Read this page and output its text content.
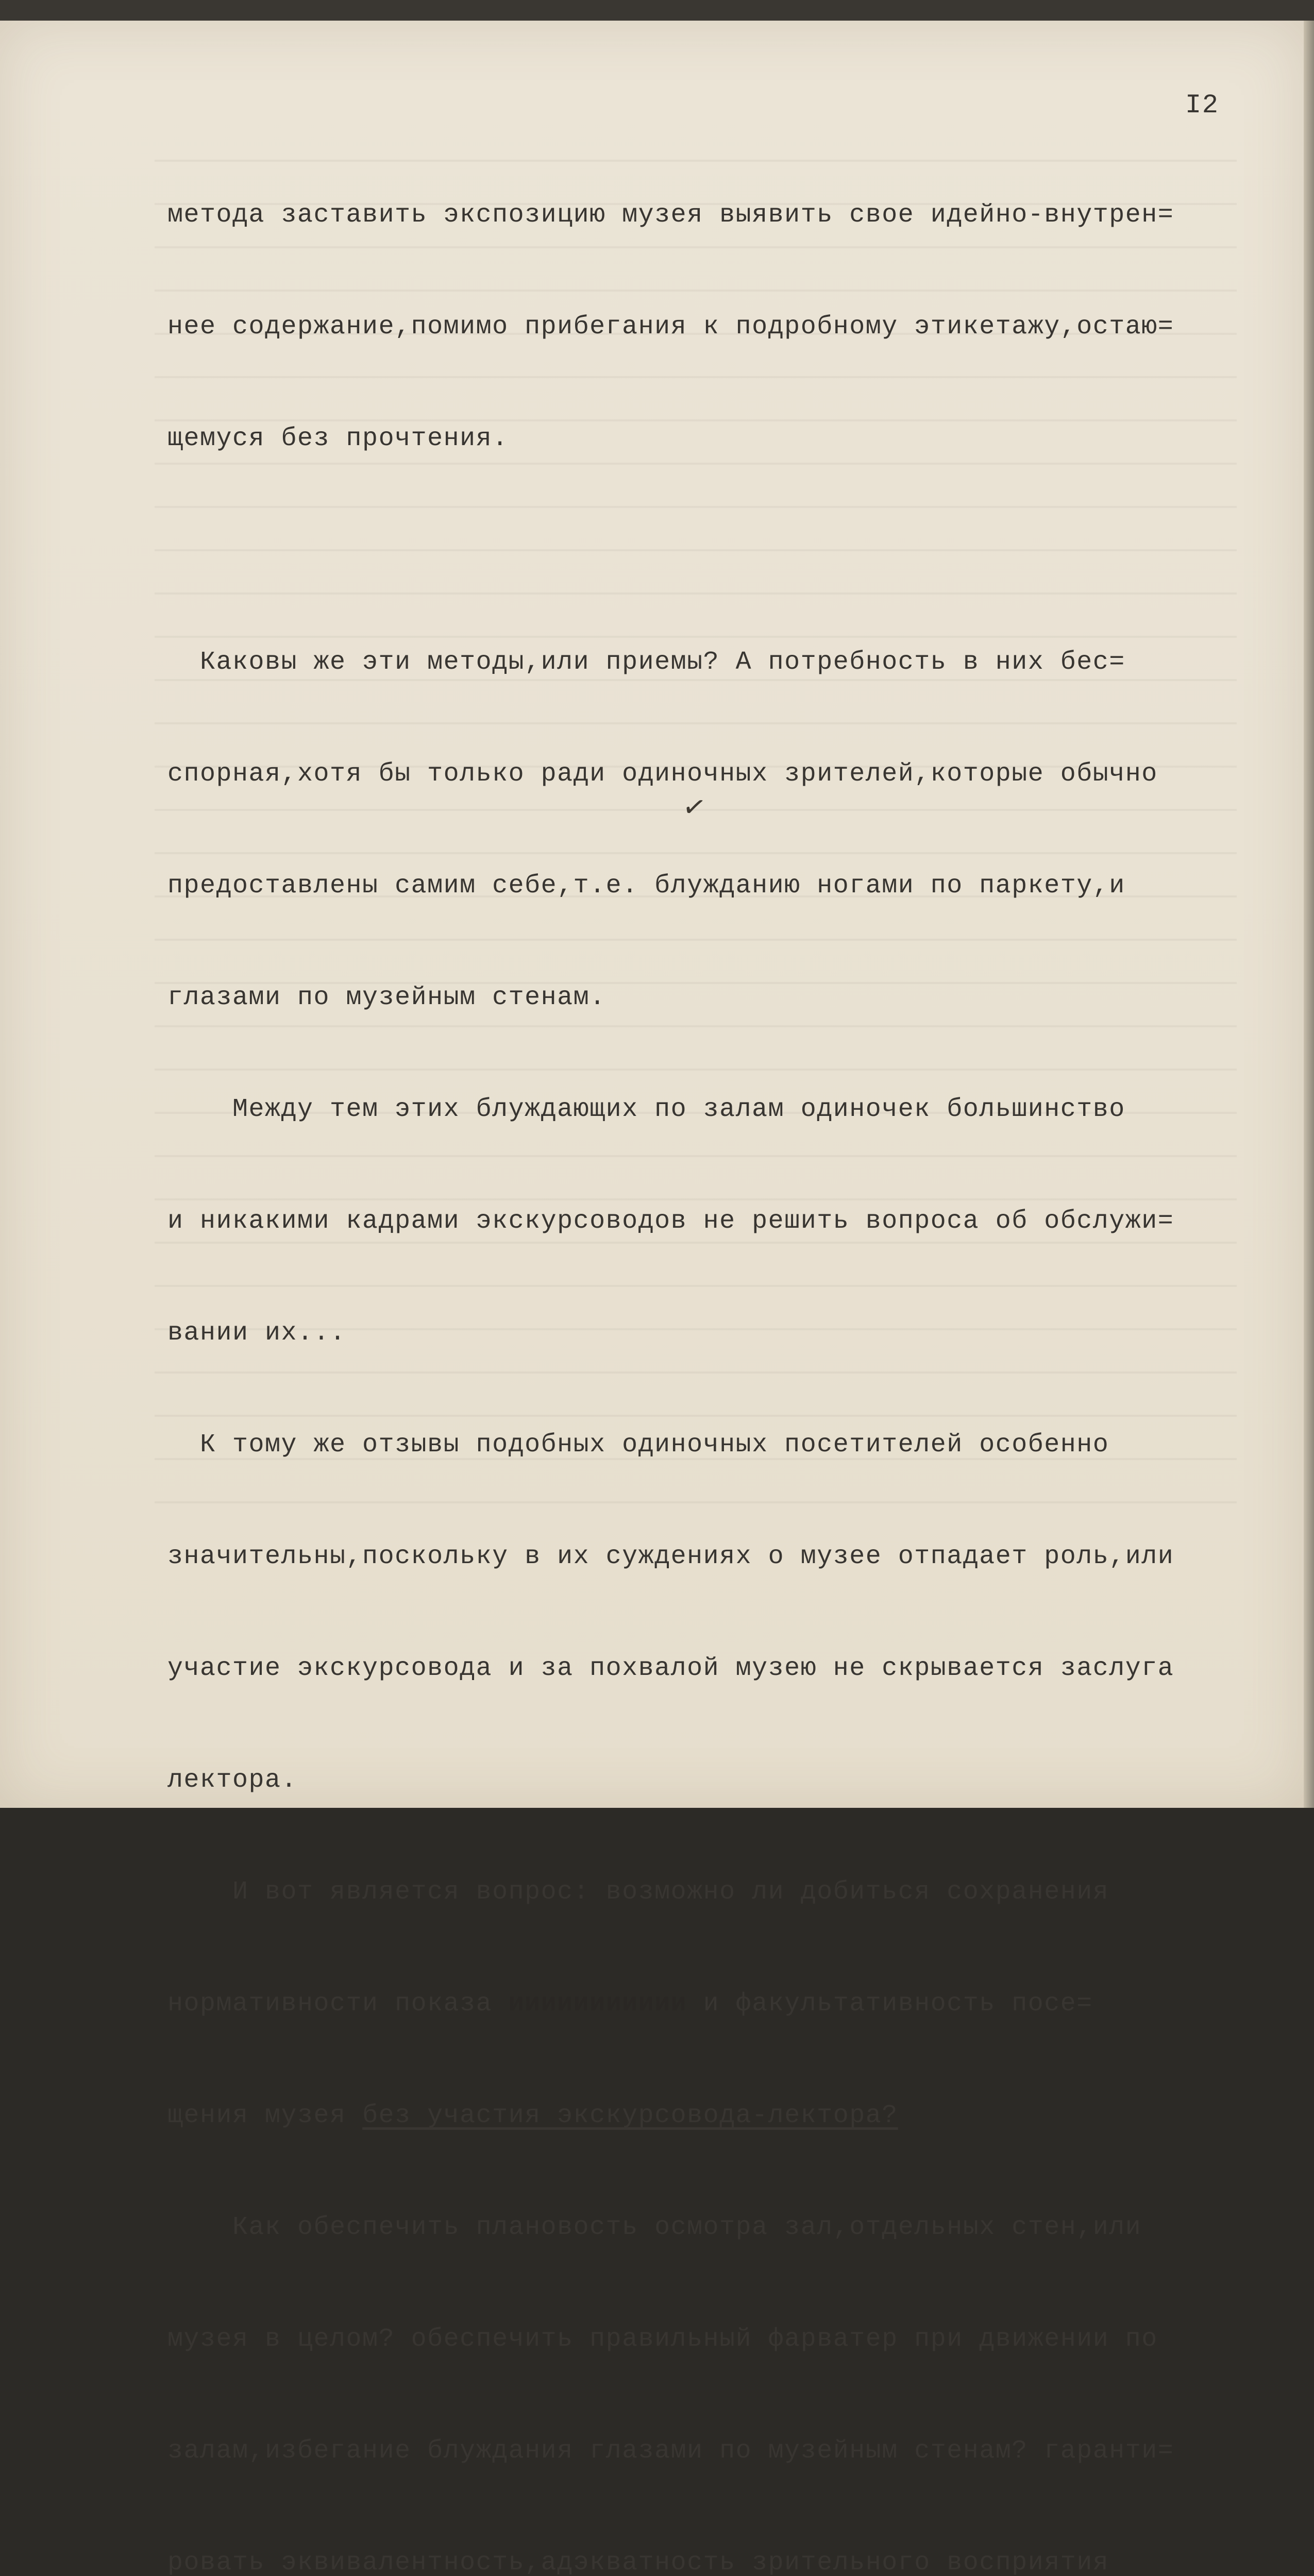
I2

метода заставить экспозицию музея выявить свое идейно-внутрен=

нее содержание,помимо прибегания к подробному этикетажу,остаю=

щемуся без прочтения.

Каковы же эти методы,или приемы? А потребность в них бес=

спорная,хотя бы только ради одиночных зрителей,которые обычно

предоставлены самим себе,т.е. блужданию ногами по паркету,и

глазами по музейным стенам.

Между тем этих блуждающих по залам одиночек большинство

и никакими кадрами экскурсоводов не решить вопроса об обслужи=

вании их...

К тому же отзывы подобных одиночных посетителей особенно

значительны,поскольку в их суждениях о музее отпадает роль,или

участие экскурсовода и за похвалой музею не скрывается заслуга

лектора.

И вот является вопрос: возможно ли добиться сохранения

нормативности показа иииииииииии и факультативность посе=

щения музея без участия экскурсовода-лектора?

Как обеспечить плановость осмотра зал,отдельных стен,или

музея в целом? обеспечить правильный фарватер при движении по

залам,избегание блуждания глазами по музейным стенам? гаранти=

ровать эквивалентность,адэкватность зрительного восприятия

✓
